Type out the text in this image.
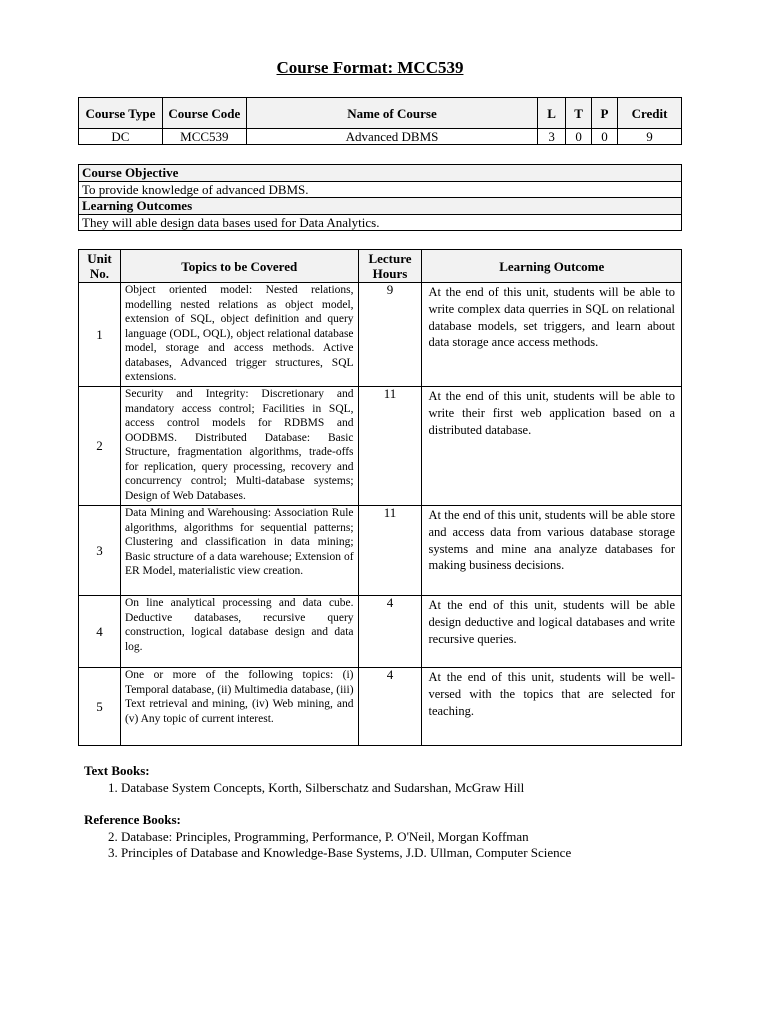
Course Format: MCC539
Course Type	Course Code	Name of Course	L	T	P	Credit
DC	MCC539	Advanced DBMS	3	0	0	9
Course Objective
To provide knowledge of advanced DBMS.
Learning Outcomes
They will able design data bases used for Data Analytics.
Unit No.	Topics to be Covered	Lecture Hours	Learning Outcome
1	Object oriented model: Nested relations, modelling nested relations as object model, extension of SQL, object definition and query language (ODL, OQL), object relational database model, storage and access methods. Active databases, Advanced trigger structures, SQL extensions.	9	At the end of this unit, students will be able to write complex data querries in SQL on relational database models, set triggers, and learn about data storage ance access methods.
2	Security and Integrity: Discretionary and mandatory access control; Facilities in SQL, access control models for RDBMS and OODBMS. Distributed Database: Basic Structure, fragmentation algorithms, trade-offs for replication, query processing, recovery and concurrency control; Multi-database systems; Design of Web Databases.	11	At the end of this unit, students will be able to write their first web application based on a distributed database.
3	Data Mining and Warehousing: Association Rule algorithms, algorithms for sequential patterns; Clustering and classification in data mining; Basic structure of a data warehouse; Extension of ER Model, materialistic view creation.	11	At the end of this unit, students will be able store and access data from various database storage systems and mine ana analyze databases for making business decisions.
4	On line analytical processing and data cube. Deductive databases, recursive query construction, logical database design and data log.	4	At the end of this unit, students will be able design deductive and logical databases and write recursive queries.
5	One or more of the following topics: (i) Temporal database, (ii) Multimedia database, (iii) Text retrieval and mining, (iv) Web mining, and (v) Any topic of current interest.	4	At the end of this unit, students will be well-versed with the topics that are selected for teaching.
Text Books:
1. Database System Concepts, Korth, Silberschatz and Sudarshan, McGraw Hill
Reference Books:
2. Database: Principles, Programming, Performance, P. O'Neil, Morgan Koffman
3. Principles of Database and Knowledge-Base Systems, J.D. Ullman, Computer Science
